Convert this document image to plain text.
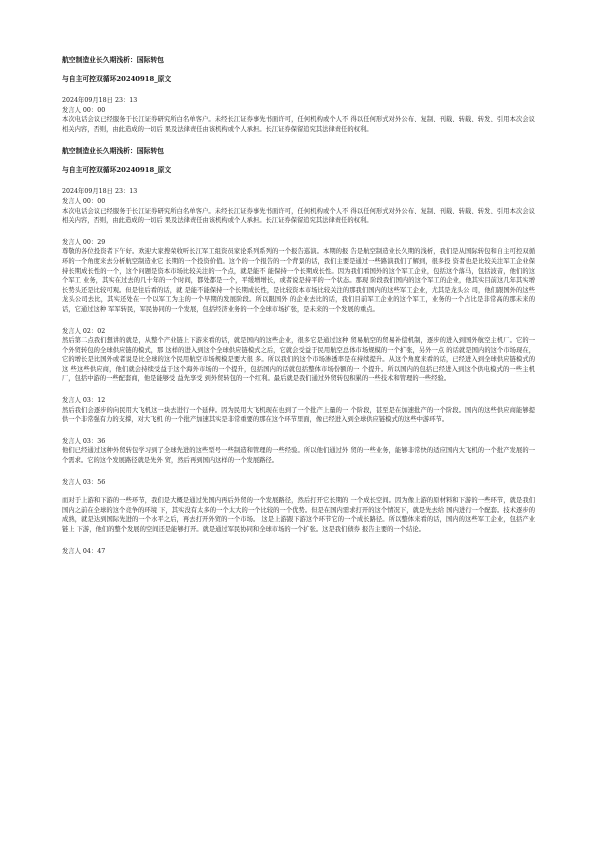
航空制造业长久期浅析：国际转包
与自主可控双循环20240918_原文
2024年09月18日 23：13
发言人 00：00

本次电话会议已经服务于长江证券研究所白名单客户。未经长江证券事先书面许可，任何机构或个人不 得以任何形式对外公布、复制、刊载、转载、转发、引用本次会议相关内容，否则，由此造成的一切后 果及法律责任由该机构或个人承担。长江证券保留追究其法律责任的权利。

航空制造业长久期浅析：国际转包
与自主可控双循环20240918_原文
2024年09月18日 23：13
发言人 00：00

本次电话会议已经服务于长江证券研究所白名单客户。未经长江证券事先书面许可，任何机构或个人不 得以任何形式对外公布、复制、刊载、转载、转发、引用本次会议相关内容，否则，由此造成的一切后 果及法律责任由该机构或个人承担。长江证券保留追究其法律责任的权利。

发言人 00：29

尊敬的各位投资者下午好。欢迎大家搜荣收听长江军工组资员家论系列系列的一个报告巡演。本期的报 告是航空制造业长久期的浅析，我们是从国际转包和自主可控双循环的一个角度来去分析航空制造业它 长期的一个投资价值。这个的一个报告的一个背景的话，我们主要是通过一些路演我们了解到，很多投 资者也是比较关注军工企业保持长期成长性的一个，这个问题是资本市场比较关注的一个点，就是能不 能保持一个长期成长性。因为我们看国外的这个军工企业，包括这个落马，包括波音，他们的这个军工 业务，其实在过去的几十年的一个时间，都处都是一个，平缓增增长，或者说是持平的一个状态。那现 阶段我们国内的这个军工的企业，他其实目前这几年其实增长势头还是比较可观。但是往后看的话，就 是能不能保持一个长期成长性，是比较资本市场比较关注的那我们国内的这些军工企业，尤其是龙头公 司，他们跟国外的这些龙头公司去比，其实还处在一个以军工为主的一个早期的发展阶段。所以跟国外 的企业去比的话，我们目前军工企业的这个军工，业务的一个占比是非常高的那未来的话，它通过这种 军军转民，军民协同的一个发展，包括经济业务的一个全球市场扩张，是未来的一个发展的重点。

发言人 02：02

然后第二点我们想讲的就是，从整个产业链上下游来看的话，就是国内的这些企业，很多它是通过这种 贸易航空的贸易补偿机制，逐步的进入到国外航空主机厂。它的一个外贸转包的全球供应链的模式，那 这样的进入到这个全球供应链模式之后，它就会受益于民用航空总体市场规模的一个扩张，另外一点 的话就是国内的这个市场现在，它的增长是比国外或者说是比全球的这个民用航空市场规模是要大很 多。所以我们的这个市场渗透率是在持续提升。从这个角度来看的话，已经进入到全球供应链模式的这 些这些供应商，他们就会持续受益于这个海外市场的一个提升，包括国内的话就包括整体市场份额的一 个提升。所以国内的包括已经进入到这个供电模式的一些主机厂，包括中游的一些配套商，他是能够受 益先享受 到外贸转包的一个红利。最后就是我们通过外贸转包积累的一些技术和管理的一些经验。

发言人 03：12

然后我们会逐步的向民用大飞机这一块去进行一个延伸。因为民用大飞机现在也到了一个批产上量的一 个阶段，甚至是在加速批产的一个阶段。国内的这些供应商能够提供一个非常强有力的支撑，对大飞机 的一个批产加速其实是非常重要的那在这个环节里面，像已经进入到全球供应链模式的这些中游环节。

发言人 03：36

他们已经通过这种外贸转包学习到了全球先进的这些型号一些制造和管理的一些经验。所以他们通过外 贸的一些业务，能够非常快的适应国内大飞机的一个批产发展的一个需求。它的这个发展路径就是先外 贸，然后再到国内这样的一个发展路径。

发言人 03：56

而对于上游和下游的一些环节，我们是大概是通过先国内再后外贸的一个发展路径，然后打开它长期的 一个成长空间。因为像上游的原材料和下游的一些环节，就是我们国内之前在全球的这个竞争的环境 下，其实没有太多的一个太大的一个比较的一个优势。但是在国内需求打开的这个情况下，就是先去给 国内进行一个配套。技术逐步的成熟，就是达到国际先进的一个水平之后，再去打开外贸的一个市场。 这是上游跟下游这个环节它的一个成长路径。所以整体来看的话，国内的这些军工企业，包括产业链上 下游，他们的整个发展的空间还是能够打开。就是通过军民协同和全球市场的一个扩张。这是我们债券 报告主要的一个结论。

发言人 04：47
